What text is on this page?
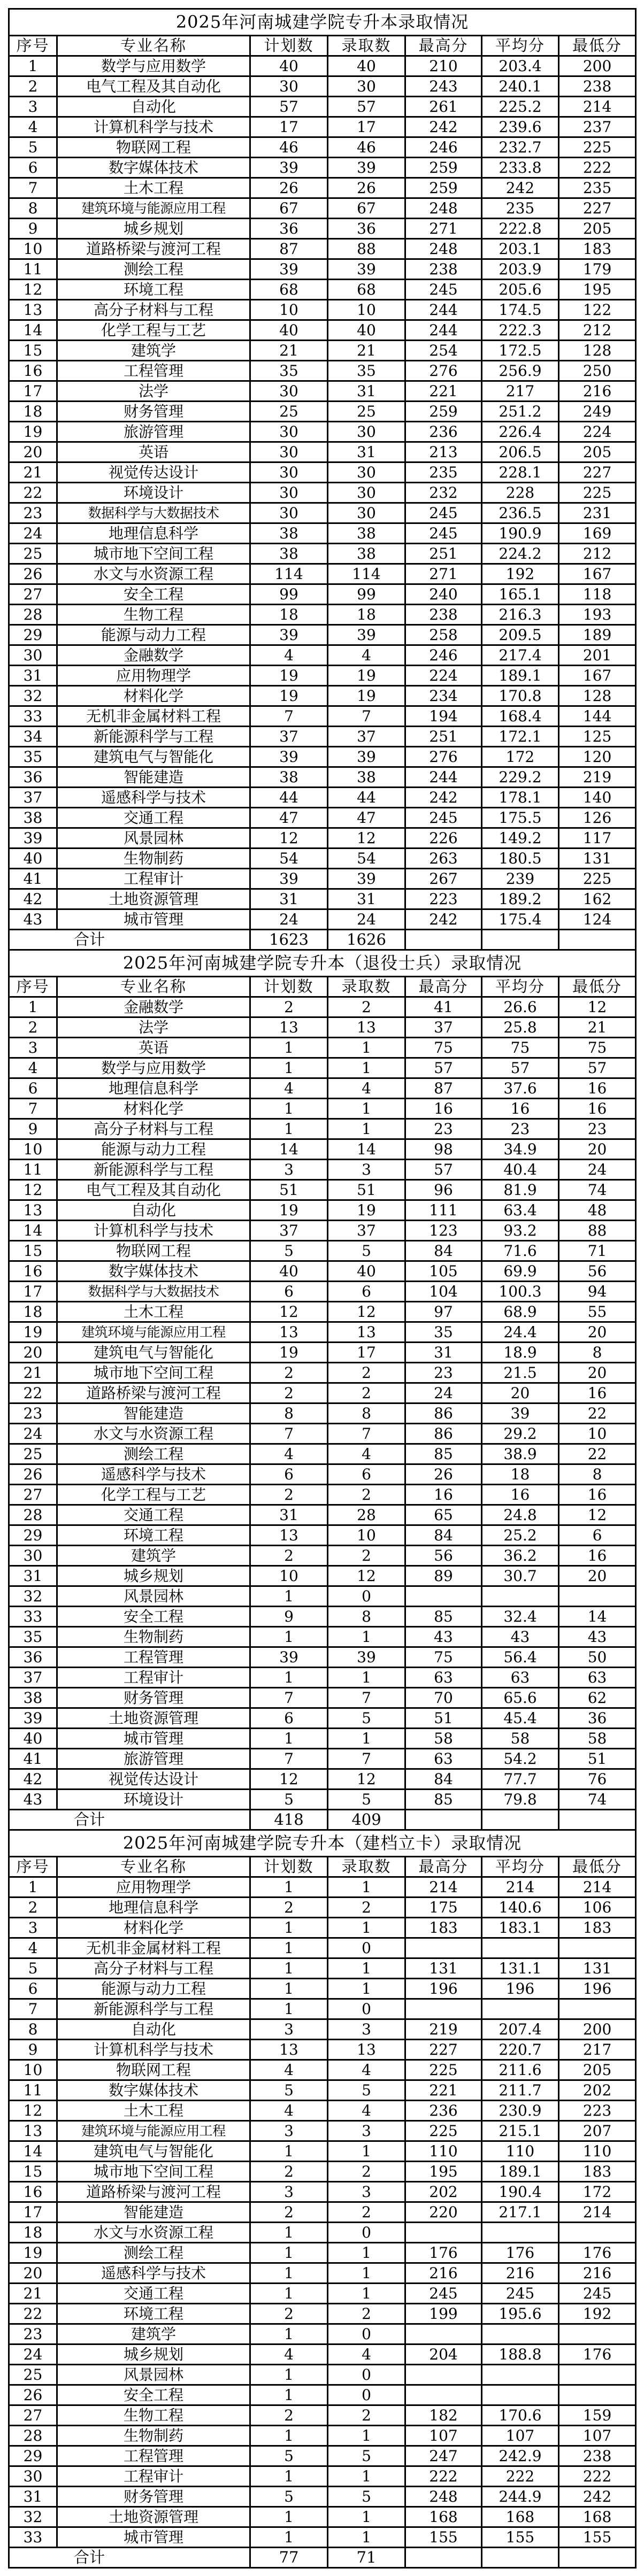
2025年河南城建学院专升本录取情况						
序号	专业名称	计划数	录取数	最高分	平均分	最低分
1	数学与应用数学	40	40	210	203.4	200
2	电气工程及其自动化	30	30	243	240.1	238
3	自动化	57	57	261	225.2	214
4	计算机科学与技术	17	17	242	239.6	237
5	物联网工程	46	46	246	232.7	225
6	数字媒体技术	39	39	259	233.8	222
7	土木工程	26	26	259	242	235
8	建筑环境与能源应用工程	67	67	248	235	227
9	城乡规划	36	36	271	222.8	205
10	道路桥梁与渡河工程	87	88	248	203.1	183
11	测绘工程	39	39	238	203.9	179
12	环境工程	68	68	245	205.6	195
13	高分子材料与工程	10	10	244	174.5	122
14	化学工程与工艺	40	40	244	222.3	212
15	建筑学	21	21	254	172.5	128
16	工程管理	35	35	276	256.9	250
17	法学	30	31	221	217	216
18	财务管理	25	25	259	251.2	249
19	旅游管理	30	30	236	226.4	224
20	英语	30	31	213	206.5	205
21	视觉传达设计	30	30	235	228.1	227
22	环境设计	30	30	232	228	225
23	数据科学与大数据技术	30	30	245	236.5	231
24	地理信息科学	38	38	245	190.9	169
25	城市地下空间工程	38	38	251	224.2	212
26	水文与水资源工程	114	114	271	192	167
27	安全工程	99	99	240	165.1	118
28	生物工程	18	18	238	216.3	193
29	能源与动力工程	39	39	258	209.5	189
30	金融数学	4	4	246	217.4	201
31	应用物理学	19	19	224	189.1	167
32	材料化学	19	19	234	170.8	128
33	无机非金属材料工程	7	7	194	168.4	144
34	新能源科学与工程	37	37	251	172.1	125
35	建筑电气与智能化	39	39	276	172	120
36	智能建造	38	38	244	229.2	219
37	遥感科学与技术	44	44	242	178.1	140
38	交通工程	47	47	245	175.5	126
39	风景园林	12	12	226	149.2	117
40	生物制药	54	54	263	180.5	131
41	工程审计	39	39	267	239	225
42	土地资源管理	31	31	223	189.2	162
43	城市管理	24	24	242	175.4	124
合计		1623	1626			
2025年河南城建学院专升本（退役士兵）录取情况						
序号	专业名称	计划数	录取数	最高分	平均分	最低分
1	金融数学	2	2	41	26.6	12
2	法学	13	13	37	25.8	21
3	英语	1	1	75	75	75
4	数学与应用数学	1	1	57	57	57
6	地理信息科学	4	4	87	37.6	16
7	材料化学	1	1	16	16	16
9	高分子材料与工程	1	1	23	23	23
10	能源与动力工程	14	14	98	34.9	20
11	新能源科学与工程	3	3	57	40.4	24
12	电气工程及其自动化	51	51	96	81.9	74
13	自动化	19	19	111	63.4	48
14	计算机科学与技术	37	37	123	93.2	88
15	物联网工程	5	5	84	71.6	71
16	数字媒体技术	40	40	105	69.9	56
17	数据科学与大数据技术	6	6	104	100.3	94
18	土木工程	12	12	97	68.9	55
19	建筑环境与能源应用工程	13	13	35	24.4	20
20	建筑电气与智能化	19	17	31	18.9	8
21	城市地下空间工程	2	2	23	21.5	20
22	道路桥梁与渡河工程	2	2	24	20	16
23	智能建造	8	8	86	39	22
24	水文与水资源工程	7	7	86	29.2	10
25	测绘工程	4	4	85	38.9	22
26	遥感科学与技术	6	6	26	18	8
27	化学工程与工艺	2	2	16	16	16
28	交通工程	31	28	65	24.8	12
29	环境工程	13	10	84	25.2	6
30	建筑学	2	2	56	36.2	16
31	城乡规划	10	12	89	30.7	20
32	风景园林	1	0			
33	安全工程	9	8	85	32.4	14
35	生物制药	1	1	43	43	43
36	工程管理	39	39	75	56.4	50
37	工程审计	1	1	63	63	63
38	财务管理	7	7	70	65.6	62
39	土地资源管理	6	5	51	45.4	36
40	城市管理	1	1	58	58	58
41	旅游管理	7	7	63	54.2	51
42	视觉传达设计	12	12	84	77.7	76
43	环境设计	5	5	85	79.8	74
合计		418	409			
2025年河南城建学院专升本（建档立卡）录取情况						
序号	专业名称	计划数	录取数	最高分	平均分	最低分
1	应用物理学	1	1	214	214	214
2	地理信息科学	2	2	175	140.6	106
3	材料化学	1	1	183	183.1	183
4	无机非金属材料工程	1	0			
5	高分子材料与工程	1	1	131	131.1	131
6	能源与动力工程	1	1	196	196	196
7	新能源科学与工程	1	0			
8	自动化	3	3	219	207.4	200
9	计算机科学与技术	13	13	227	220.7	217
10	物联网工程	4	4	225	211.6	205
11	数字媒体技术	5	5	221	211.7	202
12	土木工程	4	4	236	230.9	223
13	建筑环境与能源应用工程	3	3	225	215.1	207
14	建筑电气与智能化	1	1	110	110	110
15	城市地下空间工程	2	2	195	189.1	183
16	道路桥梁与渡河工程	3	3	202	190.4	172
17	智能建造	2	2	220	217.1	214
18	水文与水资源工程	1	0			
19	测绘工程	1	1	176	176	176
20	遥感科学与技术	1	1	216	216	216
21	交通工程	1	1	245	245	245
22	环境工程	2	2	199	195.6	192
23	建筑学	1	0			
24	城乡规划	4	4	204	188.8	176
25	风景园林	1	0			
26	安全工程	1	0			
27	生物工程	2	2	182	170.6	159
28	生物制药	1	1	107	107	107
29	工程管理	5	5	247	242.9	238
30	工程审计	1	1	222	222	222
31	财务管理	5	5	248	244.9	242
32	土地资源管理	1	1	168	168	168
33	城市管理	1	1	155	155	155
合计		77	71			
